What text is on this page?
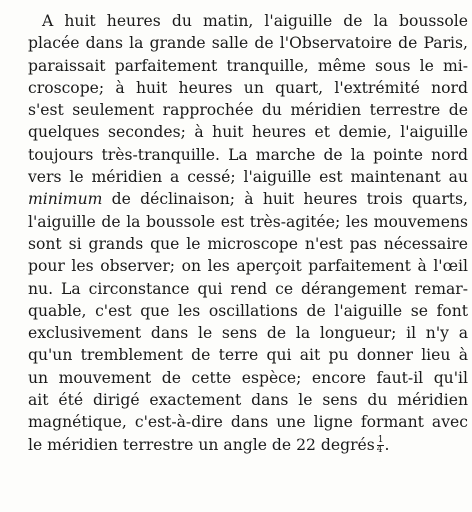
A huit heures du matin, l'aiguille de la boussole
placée dans la grande salle de l'Observatoire de Paris,
paraissait parfaitement tranquille, même sous le mi-
croscope; à huit heures un quart, l'extrémité nord
s'est seulement rapprochée du méridien terrestre de
quelques secondes; à huit heures et demie, l'aiguille
toujours très-tranquille. La marche de la pointe nord
vers le méridien a cessé; l'aiguille est maintenant au
minimum de déclinaison; à huit heures trois quarts,
l'aiguille de la boussole est très-agitée; les mouvemens
sont si grands que le microscope n'est pas nécessaire
pour les observer; on les aperçoit parfaitement à l'œil
nu. La circonstance qui rend ce dérangement remar-
quable, c'est que les oscillations de l'aiguille se font
exclusivement dans le sens de la longueur; il n'y a
qu'un tremblement de terre qui ait pu donner lieu à
un mouvement de cette espèce; encore faut-il qu'il
ait été dirigé exactement dans le sens du méridien
magnétique, c'est-à-dire dans une ligne formant avec
le méridien terrestre un angle de 22 degrés $\frac{1}{4}$ .
